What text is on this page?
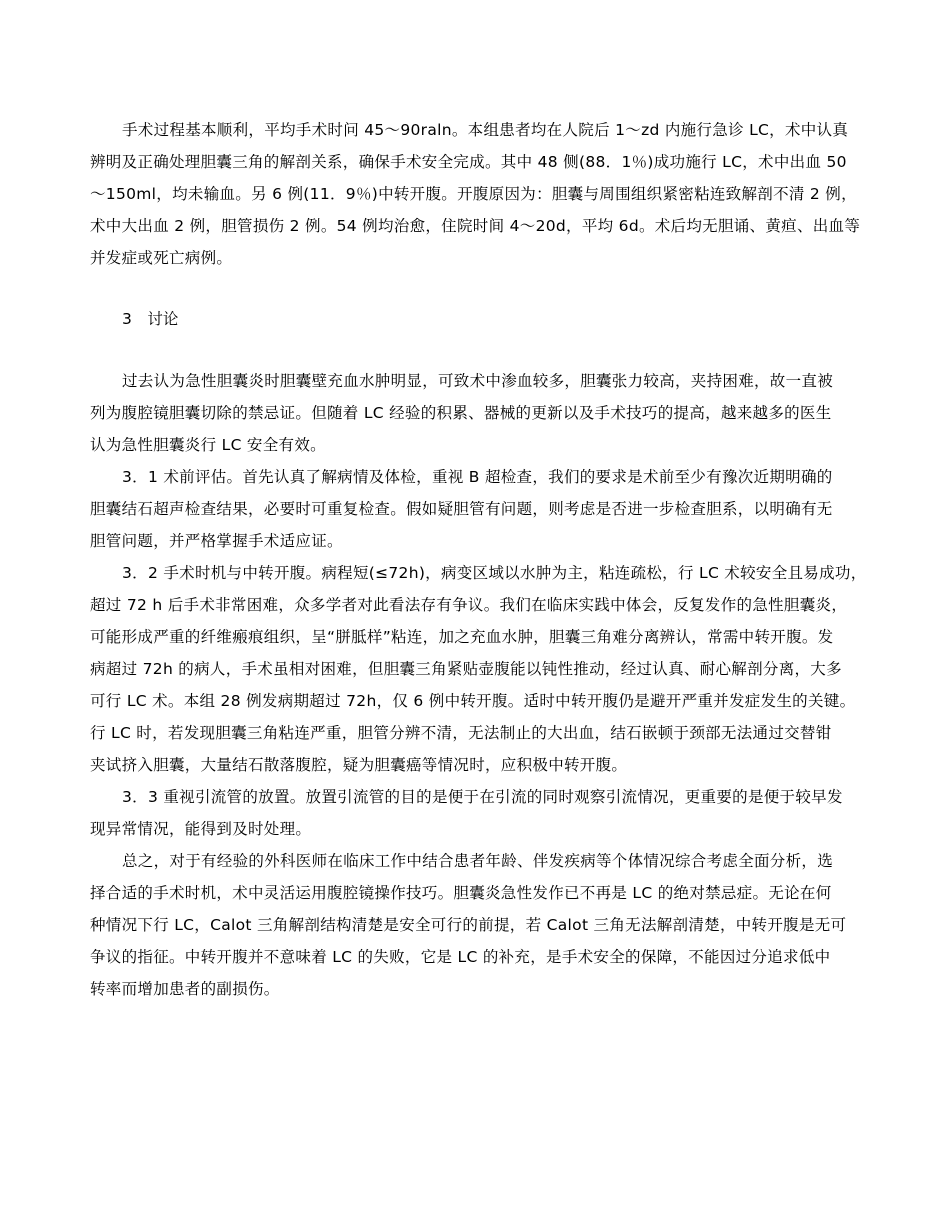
手术过程基本顺利，平均手术时问 45～90raln。本组患者均在人院后 1～zd 内施行急诊 LC，术中认真

辨明及正确处理胆囊三角的解剖关系，确保手术安全完成。其中 48 侧(88．1％)成功施行 LC，术中出血 50

～150ml，均未输血。另 6 例(11．9％)中转开腹。开腹原因为：胆囊与周围组织紧密粘连致解剖不清 2 例，

术中大出血 2 例，胆管损伤 2 例。54 例均治愈，住院时间 4～20d，平均 6d。术后均无胆诵、黄疸、出血等

并发症或死亡病例。

3　讨论

过去认为急性胆囊炎时胆囊壁充血水肿明显，可致术中渗血较多，胆囊张力较高，夹持困难，故一直被

列为腹腔镜胆囊切除的禁忌证。但随着 LC 经验的积累、器械的更新以及手术技巧的提高，越来越多的医生

认为急性胆囊炎行 LC 安全有效。

3．1 术前评估。首先认真了解病情及体检，重视 B 超检查，我们的要求是术前至少有豫次近期明确的

胆囊结石超声检查结果，必要时可重复检查。假如疑胆管有问题，则考虑是否进一步检查胆系，以明确有无

胆管问题，并严格掌握手术适应证。

3．2 手术时机与中转开腹。病程短(≤72h)，病变区域以水肿为主，粘连疏松，行 LC 术较安全且易成功，

超过 72 h 后手术非常困难，众多学者对此看法存有争议。我们在临床实践中体会，反复发作的急性胆囊炎，

可能形成严重的纤维瘢痕组织，呈“胼胝样”粘连，加之充血水肿，胆囊三角难分离辨认，常需中转开腹。发

病超过 72h 的病人，手术虽相对困难，但胆囊三角紧贴壶腹能以钝性推动，经过认真、耐心解剖分离，大多

可行 LC 术。本组 28 例发病期超过 72h，仅 6 例中转开腹。适时中转开腹仍是避开严重并发症发生的关键。

行 LC 时，若发现胆囊三角粘连严重，胆管分辨不清，无法制止的大出血，结石嵌顿于颈部无法通过交替钳

夹试挤入胆囊，大量结石散落腹腔，疑为胆囊癌等情况时，应积极中转开腹。

3．3 重视引流管的放置。放置引流管的目的是便于在引流的同时观察引流情况，更重要的是便于较早发

现异常情况，能得到及时处理。

总之，对于有经验的外科医师在临床工作中结合患者年龄、伴发疾病等个体情况综合考虑全面分析，选

择合适的手术时机，术中灵活运用腹腔镜操作技巧。胆囊炎急性发作已不再是 LC 的绝对禁忌症。无论在何

种情况下行 LC，Calot 三角解剖结构清楚是安全可行的前提，若 Calot 三角无法解剖清楚，中转开腹是无可

争议的指征。中转开腹并不意味着 LC 的失败，它是 LC 的补充，是手术安全的保障，不能因过分追求低中

转率而增加患者的副损伤。
